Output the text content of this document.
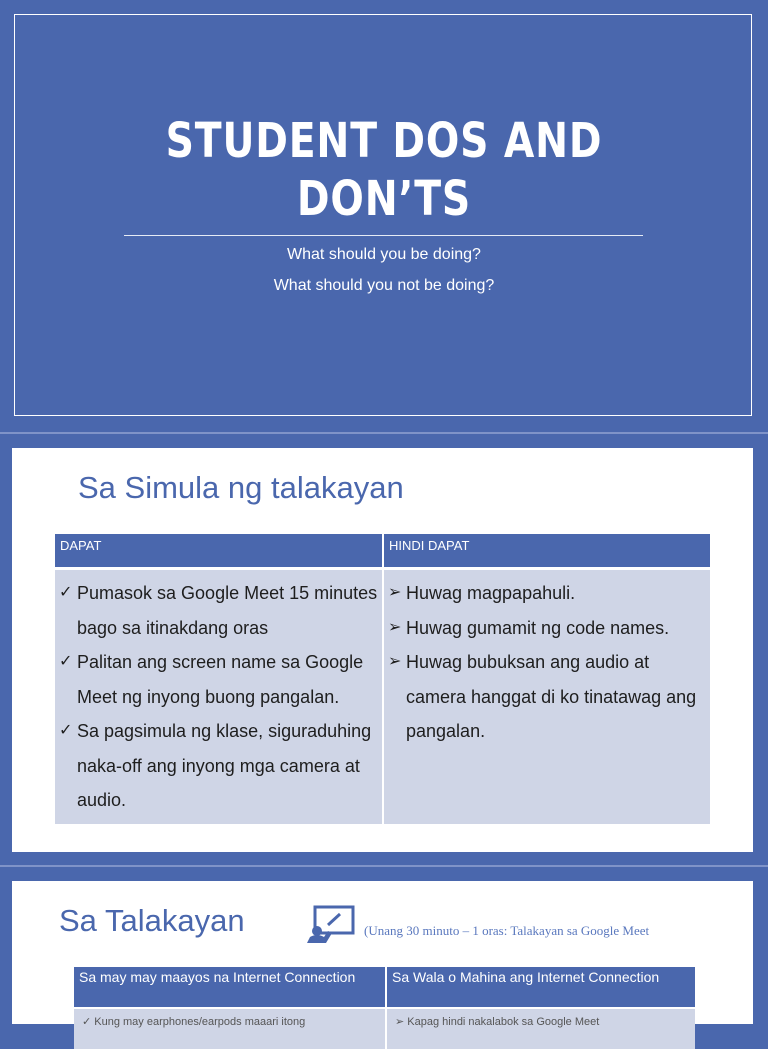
STUDENT DOS AND
DON’TS
What should you be doing?
What should you not be doing?
Sa Simula ng talakayan
DAPAT	HINDI DAPAT
✓ Pumasok sa Google Meet 15 minutes bago sa itinakdang oras
✓ Palitan ang screen name sa Google Meet ng inyong buong pangalan.
✓ Sa pagsimula ng klase, siguraduhing naka-off ang inyong mga camera at audio.
➢ Huwag magpapahuli.
➢ Huwag gumamit ng code names.
➢ Huwag bubuksan ang audio at camera hanggat di ko tinatawag ang pangalan.
Sa Talakayan	(Unang 30 minuto – 1 oras: Talakayan sa Google Meet
Sa may may maayos na Internet Connection	Sa Wala o Mahina ang Internet Connection
✓ Kung may earphones/earpods maaari itong	➢ Kapag hindi nakalabok sa Google Meet
